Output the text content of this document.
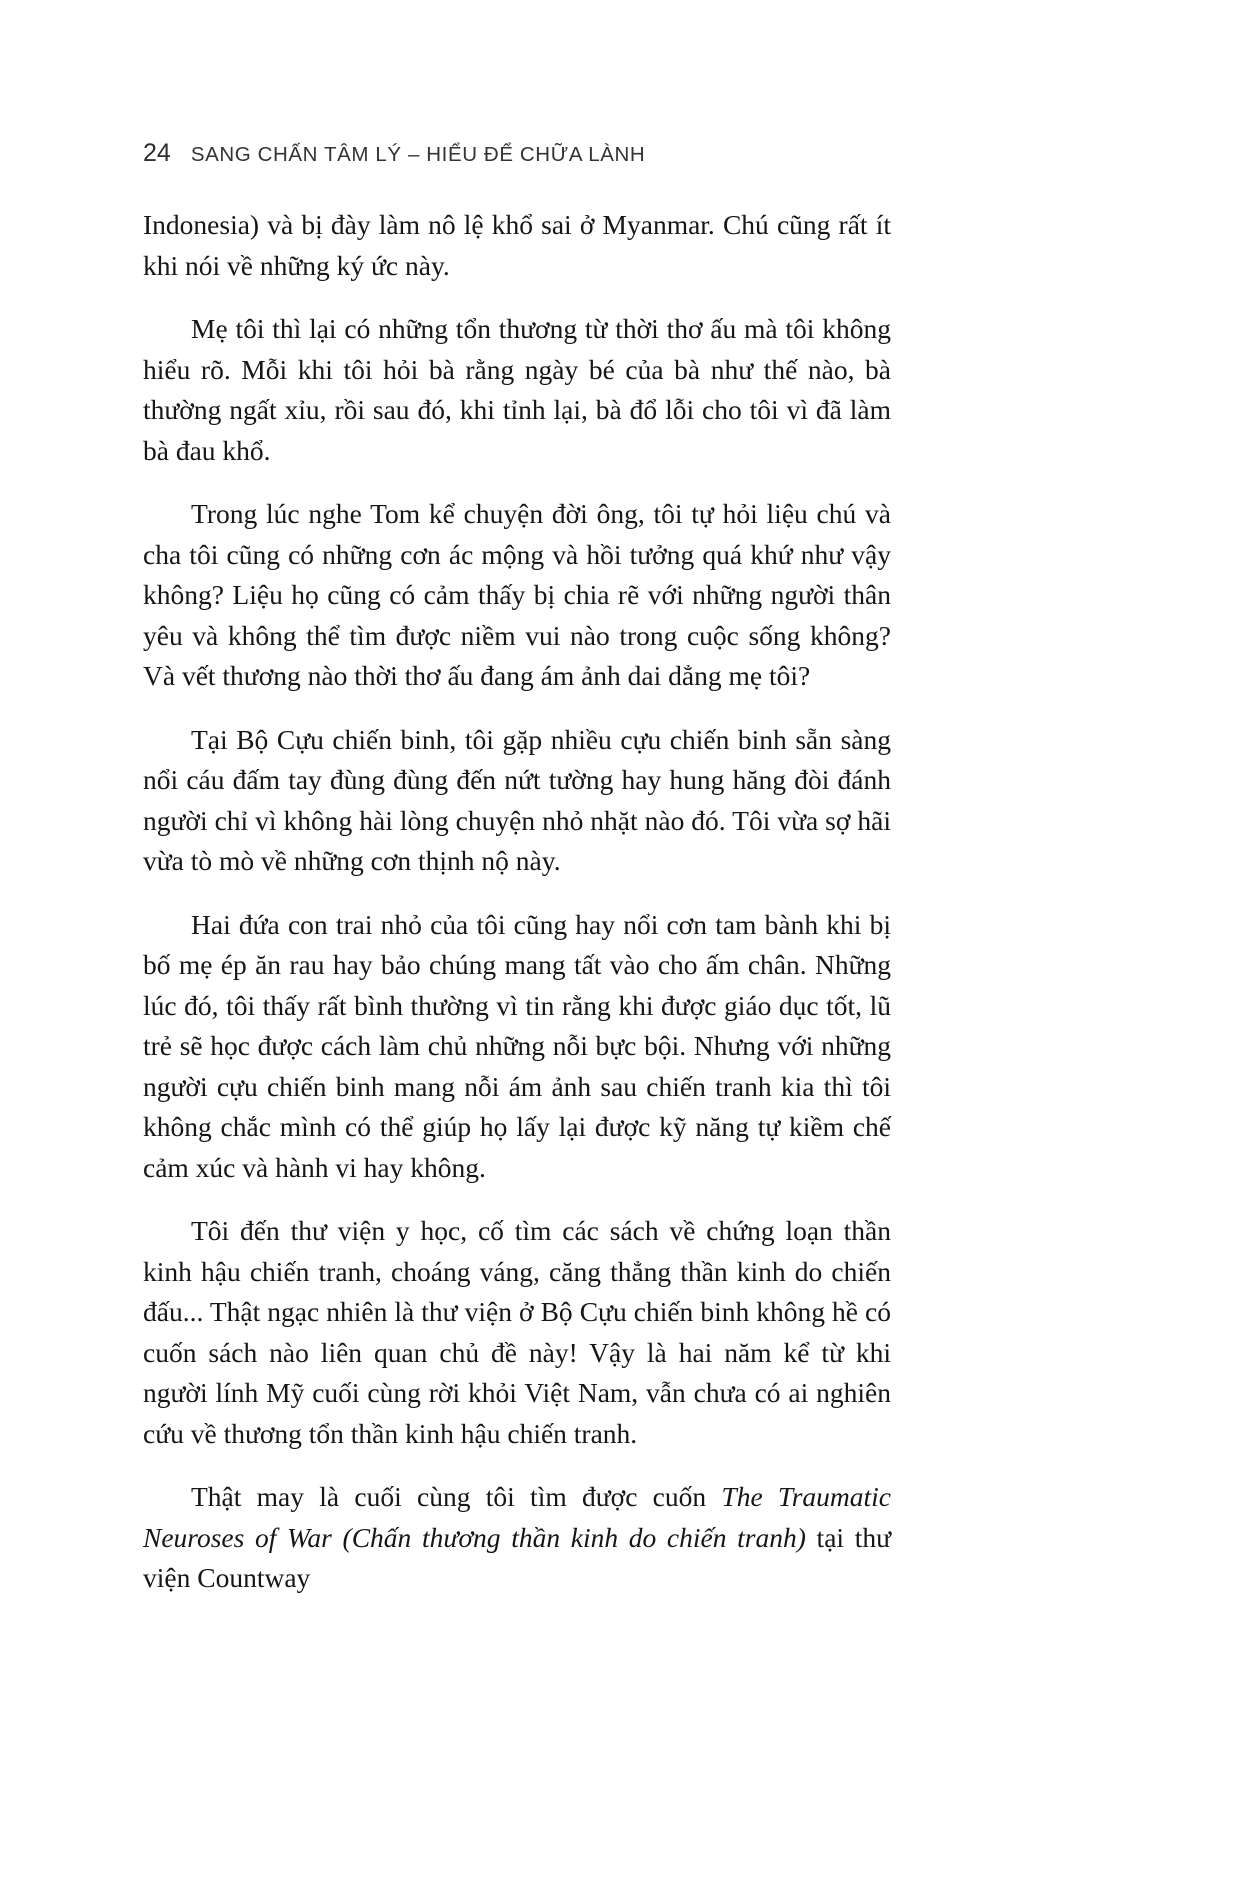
24 SANG CHẤN TÂM LÝ – HIỂU ĐỂ CHỮA LÀNH

Indonesia) và bị đày làm nô lệ khổ sai ở Myanmar. Chú cũng rất ít khi nói về những ký ức này.

Mẹ tôi thì lại có những tổn thương từ thời thơ ấu mà tôi không hiểu rõ. Mỗi khi tôi hỏi bà rằng ngày bé của bà như thế nào, bà thường ngất xỉu, rồi sau đó, khi tỉnh lại, bà đổ lỗi cho tôi vì đã làm bà đau khổ.

Trong lúc nghe Tom kể chuyện đời ông, tôi tự hỏi liệu chú và cha tôi cũng có những cơn ác mộng và hồi tưởng quá khứ như vậy không? Liệu họ cũng có cảm thấy bị chia rẽ với những người thân yêu và không thể tìm được niềm vui nào trong cuộc sống không? Và vết thương nào thời thơ ấu đang ám ảnh dai dẳng mẹ tôi?

Tại Bộ Cựu chiến binh, tôi gặp nhiều cựu chiến binh sẵn sàng nổi cáu đấm tay đùng đùng đến nứt tường hay hung hăng đòi đánh người chỉ vì không hài lòng chuyện nhỏ nhặt nào đó. Tôi vừa sợ hãi vừa tò mò về những cơn thịnh nộ này.

Hai đứa con trai nhỏ của tôi cũng hay nổi cơn tam bành khi bị bố mẹ ép ăn rau hay bảo chúng mang tất vào cho ấm chân. Những lúc đó, tôi thấy rất bình thường vì tin rằng khi được giáo dục tốt, lũ trẻ sẽ học được cách làm chủ những nỗi bực bội. Nhưng với những người cựu chiến binh mang nỗi ám ảnh sau chiến tranh kia thì tôi không chắc mình có thể giúp họ lấy lại được kỹ năng tự kiềm chế cảm xúc và hành vi hay không.

Tôi đến thư viện y học, cố tìm các sách về chứng loạn thần kinh hậu chiến tranh, choáng váng, căng thẳng thần kinh do chiến đấu... Thật ngạc nhiên là thư viện ở Bộ Cựu chiến binh không hề có cuốn sách nào liên quan chủ đề này! Vậy là hai năm kể từ khi người lính Mỹ cuối cùng rời khỏi Việt Nam, vẫn chưa có ai nghiên cứu về thương tổn thần kinh hậu chiến tranh.

Thật may là cuối cùng tôi tìm được cuốn The Traumatic Neuroses of War (Chấn thương thần kinh do chiến tranh) tại thư viện Countway
